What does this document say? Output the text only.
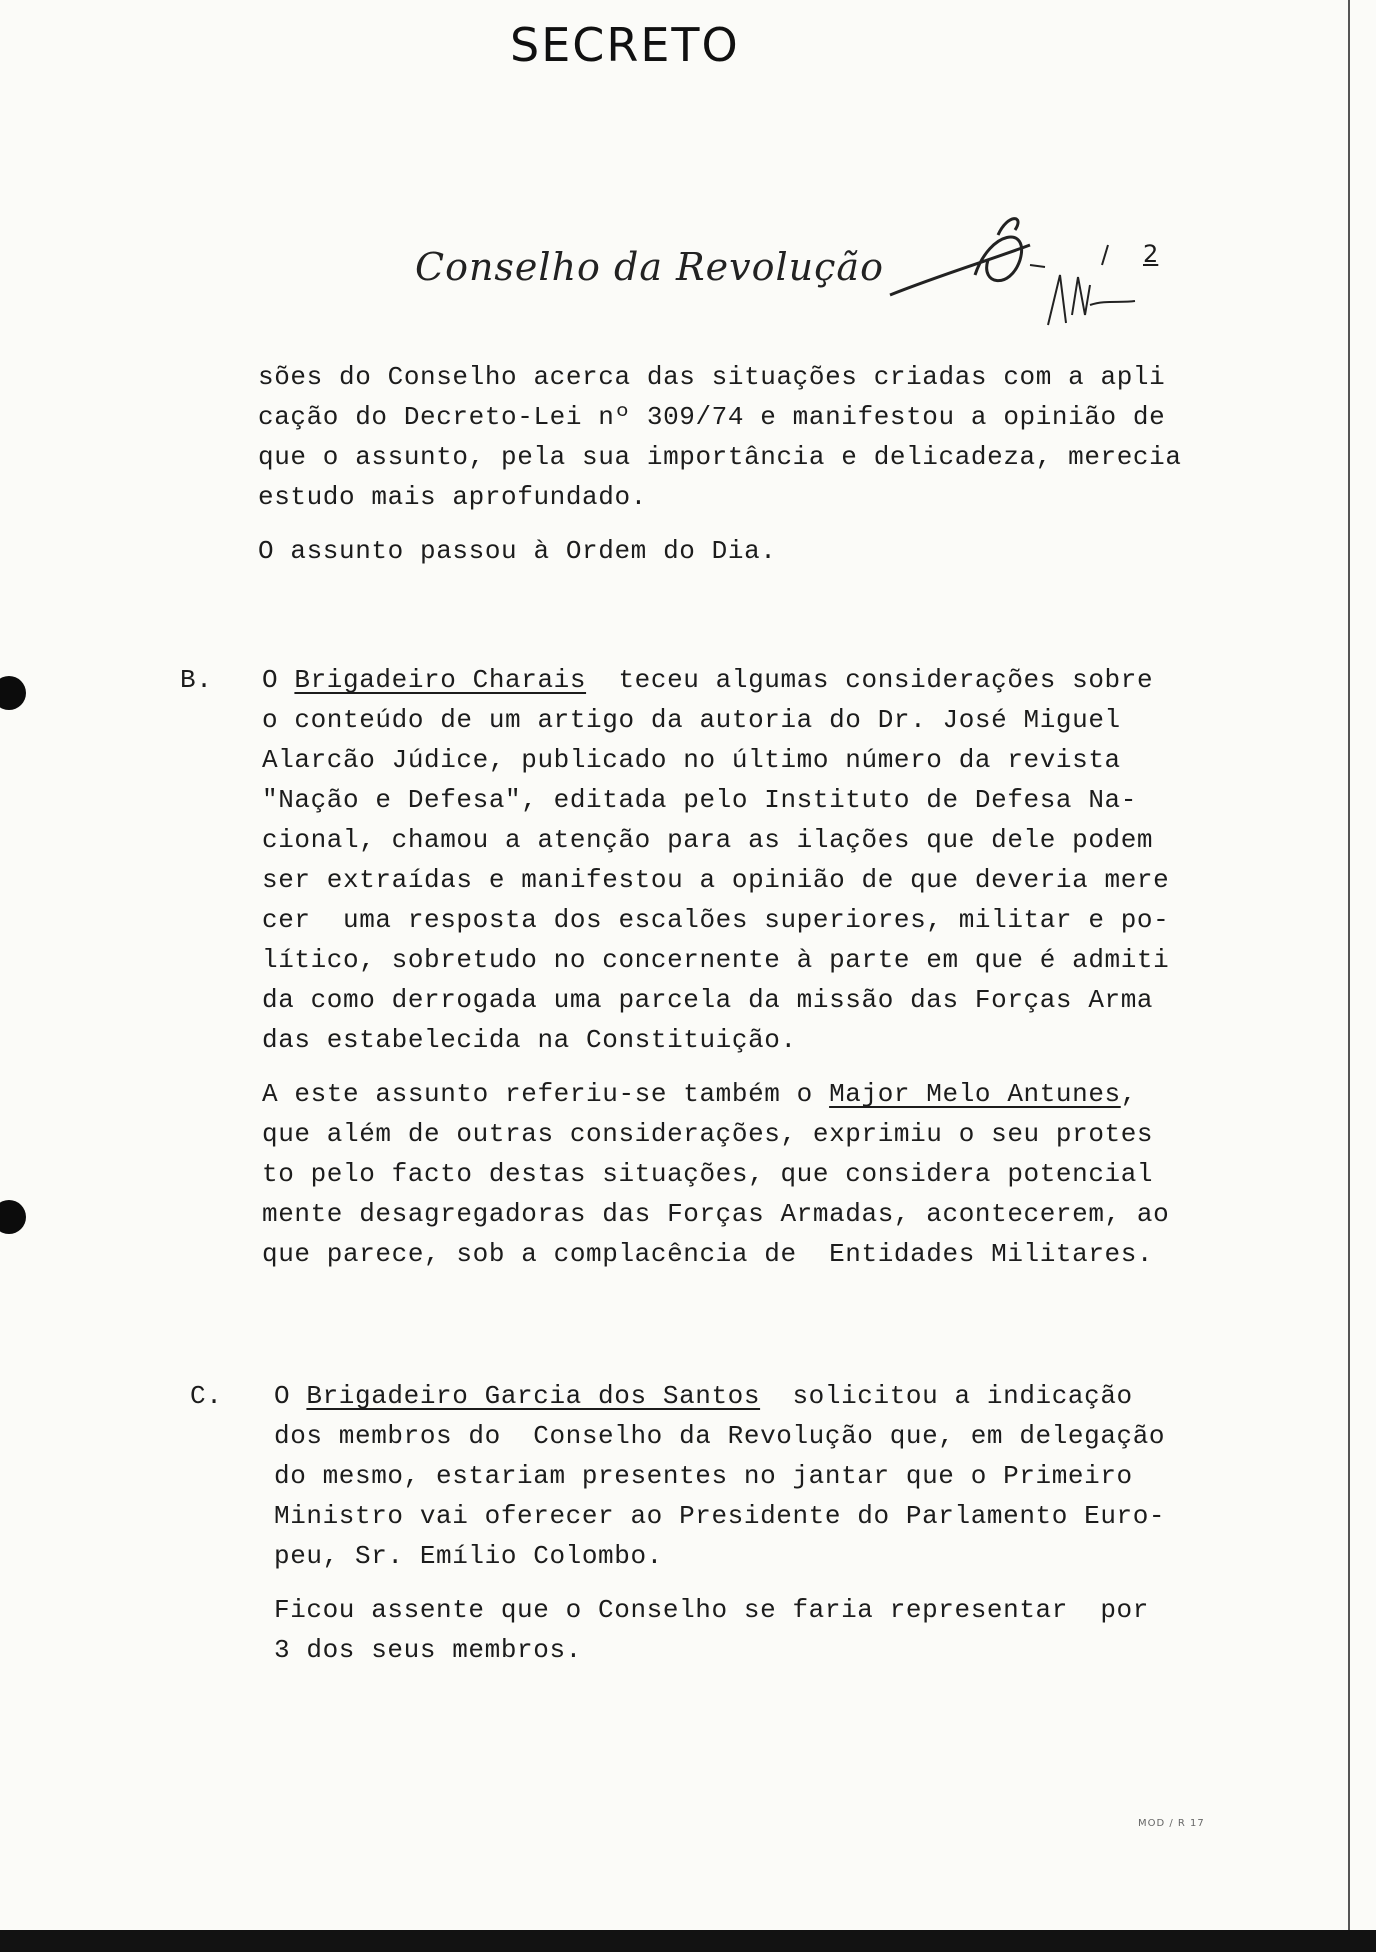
SECRETO
Conselho da Revolução	2
sões do Conselho acerca das situações criadas com a apli
cação do Decreto-Lei nº 309/74 e manifestou a opinião de
que o assunto, pela sua importância e delicadeza, merecia
estudo mais aprofundado.
O assunto passou à Ordem do Dia.
B. O Brigadeiro Charais teceu algumas considerações sobre
o conteúdo de um artigo da autoria do Dr. José Miguel
Alarcão Júdice, publicado no último número da revista
"Nação e Defesa", editada pelo Instituto de Defesa Na-
cional, chamou a atenção para as ilações que dele podem
ser extraídas e manifestou a opinião de que deveria mere
cer  uma resposta dos escalões superiores, militar e po-
lítico, sobretudo no concernente à parte em que é admiti
da como derrogada uma parcela da missão das Forças Arma
das estabelecida na Constituição.
A este assunto referiu-se também o Major Melo Antunes,
que além de outras considerações, exprimiu o seu protes
to pelo facto destas situações, que considera potencial
mente desagregadoras das Forças Armadas, acontecerem, ao
que parece, sob a complacência de  Entidades Militares.
C. O Brigadeiro Garcia dos Santos solicitou a indicação
dos membros do  Conselho da Revolução que, em delegação
do mesmo, estariam presentes no jantar que o Primeiro
Ministro vai oferecer ao Presidente do Parlamento Euro-
peu, Sr. Emílio Colombo.
Ficou assente que o Conselho se faria representar  por
3 dos seus membros.
MOD / R 17
